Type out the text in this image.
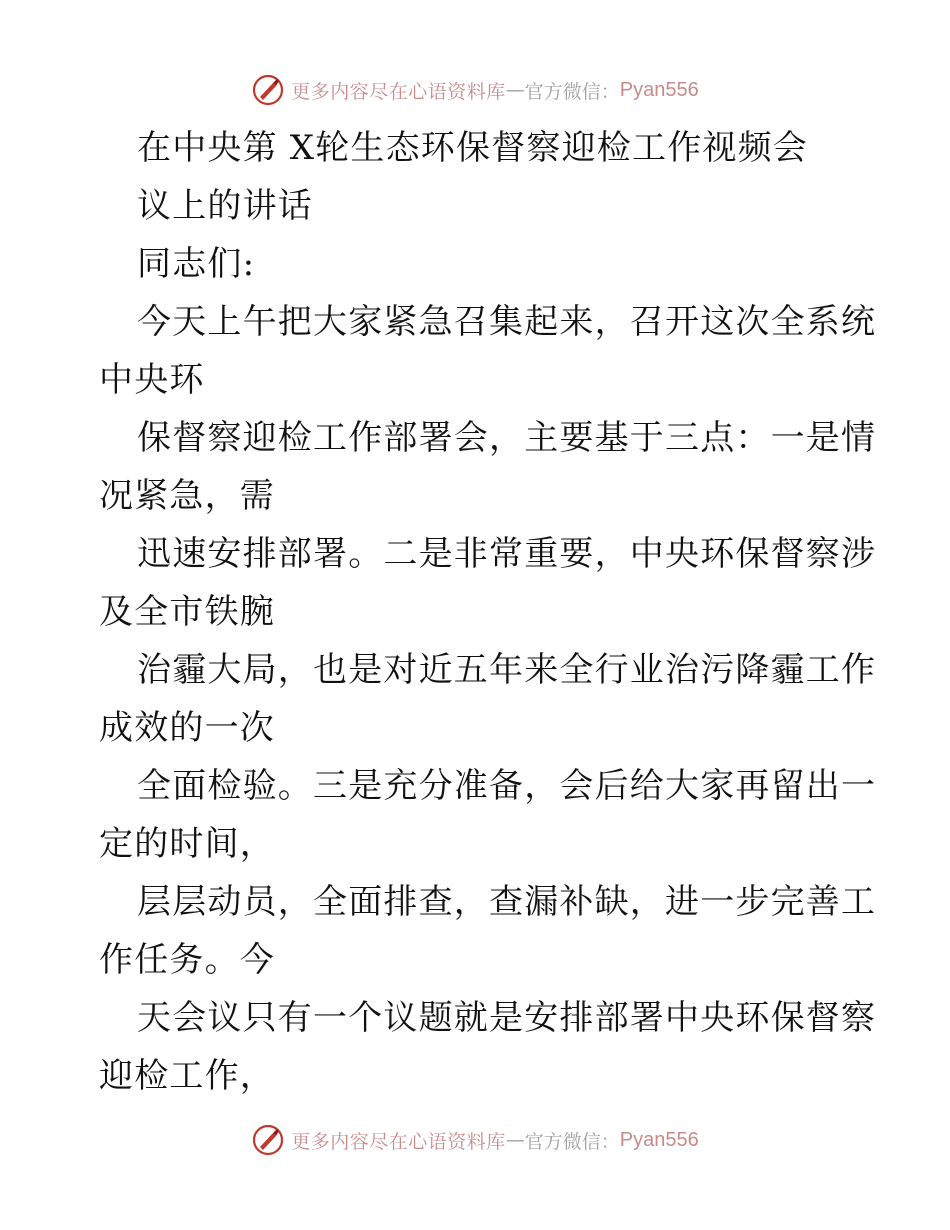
更多内容尽在心语资料库 — 官方微信： Pyan556
在中央第 X轮生态环保督察迎检工作视频会
议上的讲话
同志们:
今天上午把大家紧急召集起来，召开这次全系统
中央环
保督察迎检工作部署会，主要基于三点：一是情
况紧急，需
迅速安排部署。二是非常重要，中央环保督察涉
及全市铁腕
治霾大局，也是对近五年来全行业治污降霾工作
成效的一次
全面检验。三是充分准备，会后给大家再留出一
定的时间，
层层动员，全面排查，查漏补缺，进一步完善工
作任务。今
天会议只有一个议题就是安排部署中央环保督察
迎检工作，
更多内容尽在心语资料库 — 官方微信： Pyan556
